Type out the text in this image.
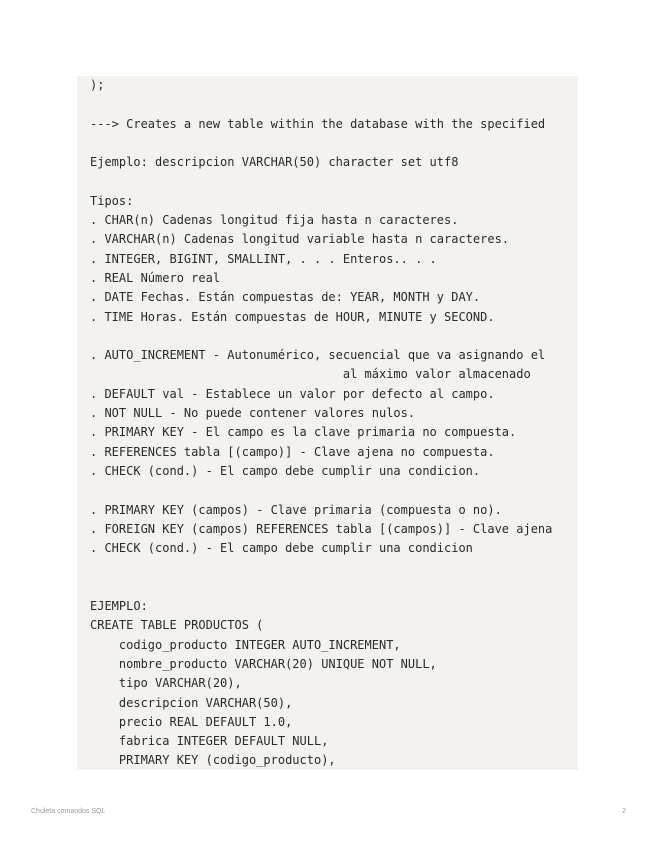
);
---> Creates a new table within the database with the specified
Ejemplo: descripcion VARCHAR(50) character set utf8
Tipos:
. CHAR(n) Cadenas longitud fija hasta n caracteres.
. VARCHAR(n) Cadenas longitud variable hasta n caracteres.
. INTEGER, BIGINT, SMALLINT, . . . Enteros.. . .
. REAL Número real
. DATE Fechas. Están compuestas de: YEAR, MONTH y DAY.
. TIME Horas. Están compuestas de HOUR, MINUTE y SECOND.
. AUTO_INCREMENT - Autonumérico, secuencial que va asignando el
al máximo valor almacenado
. DEFAULT val - Establece un valor por defecto al campo.
. NOT NULL - No puede contener valores nulos.
. PRIMARY KEY - El campo es la clave primaria no compuesta.
. REFERENCES tabla [(campo)] - Clave ajena no compuesta.
. CHECK (cond.) - El campo debe cumplir una condicion.
. PRIMARY KEY (campos) - Clave primaria (compuesta o no).
. FOREIGN KEY (campos) REFERENCES tabla [(campos)] - Clave ajena
. CHECK (cond.) - El campo debe cumplir una condicion
EJEMPLO:
CREATE TABLE PRODUCTOS (
codigo_producto INTEGER AUTO_INCREMENT,
nombre_producto VARCHAR(20) UNIQUE NOT NULL,
tipo VARCHAR(20),
descripcion VARCHAR(50),
precio REAL DEFAULT 1.0,
fabrica INTEGER DEFAULT NULL,
PRIMARY KEY (codigo_producto),
Chuleta comandos SQL	2
